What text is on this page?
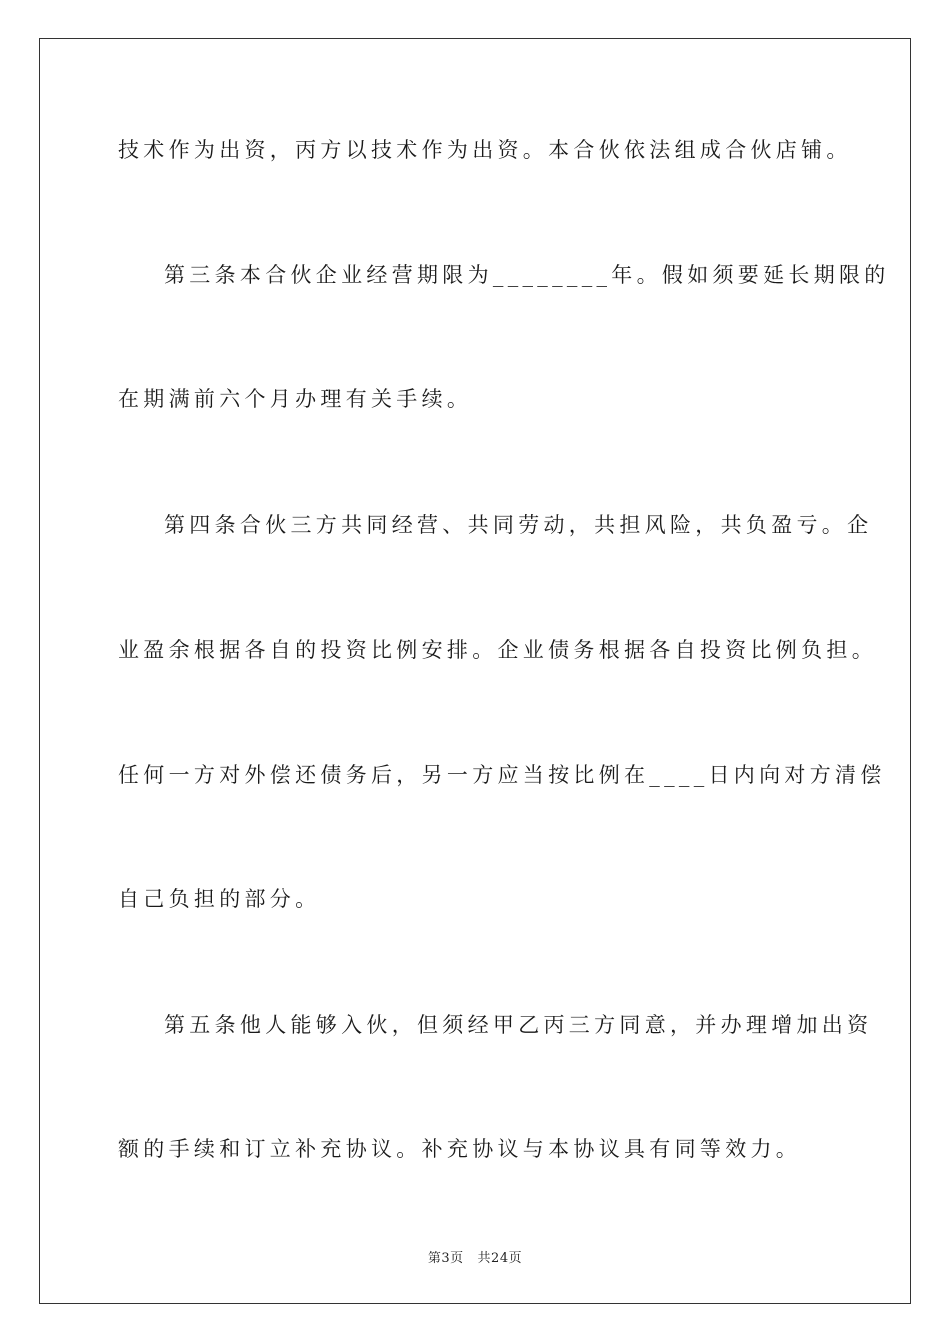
技术作为出资，丙方以技术作为出资。本合伙依法组成合伙店铺。
第三条本合伙企业经营期限为________年。假如须要延长期限的
在期满前六个月办理有关手续。
第四条合伙三方共同经营、共同劳动，共担风险，共负盈亏。企
业盈余根据各自的投资比例安排。企业债务根据各自投资比例负担。
任何一方对外偿还债务后，另一方应当按比例在____日内向对方清偿
自己负担的部分。
第五条他人能够入伙，但须经甲乙丙三方同意，并办理增加出资
额的手续和订立补充协议。补充协议与本协议具有同等效力。
第3页   共24页
